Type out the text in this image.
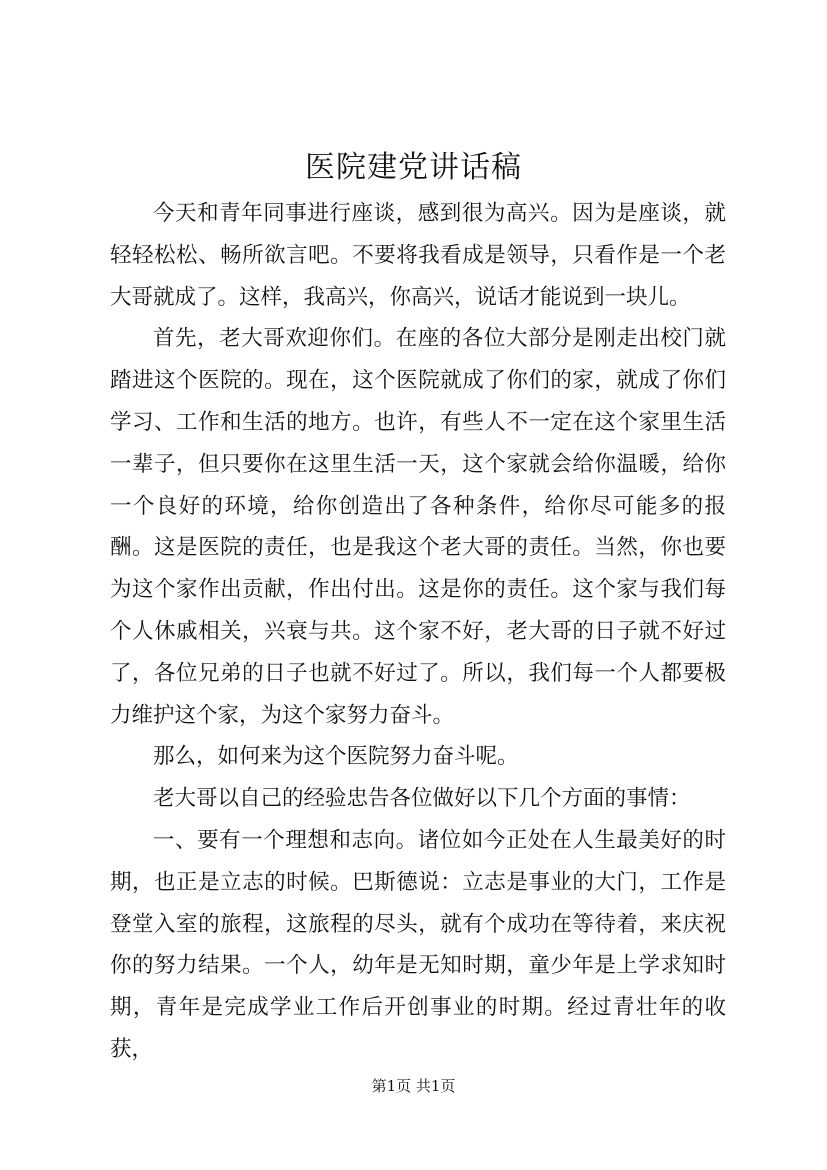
医院建党讲话稿

今天和青年同事进行座谈，感到很为高兴。因为是座谈，就轻轻松松、畅所欲言吧。不要将我看成是领导，只看作是一个老大哥就成了。这样，我高兴，你高兴，说话才能说到一块儿。

首先，老大哥欢迎你们。在座的各位大部分是刚走出校门就踏进这个医院的。现在，这个医院就成了你们的家，就成了你们学习、工作和生活的地方。也许，有些人不一定在这个家里生活一辈子，但只要你在这里生活一天，这个家就会给你温暖，给你一个良好的环境，给你创造出了各种条件，给你尽可能多的报酬。这是医院的责任，也是我这个老大哥的责任。当然，你也要为这个家作出贡献，作出付出。这是你的责任。这个家与我们每个人休戚相关，兴衰与共。这个家不好，老大哥的日子就不好过了，各位兄弟的日子也就不好过了。所以，我们每一个人都要极力维护这个家，为这个家努力奋斗。

那么，如何来为这个医院努力奋斗呢。

老大哥以自己的经验忠告各位做好以下几个方面的事情：

一、要有一个理想和志向。诸位如今正处在人生最美好的时期，也正是立志的时候。巴斯德说：立志是事业的大门，工作是登堂入室的旅程，这旅程的尽头，就有个成功在等待着，来庆祝你的努力结果。一个人，幼年是无知时期，童少年是上学求知时期，青年是完成学业工作后开创事业的时期。经过青壮年的收获，

第1页 共1页
